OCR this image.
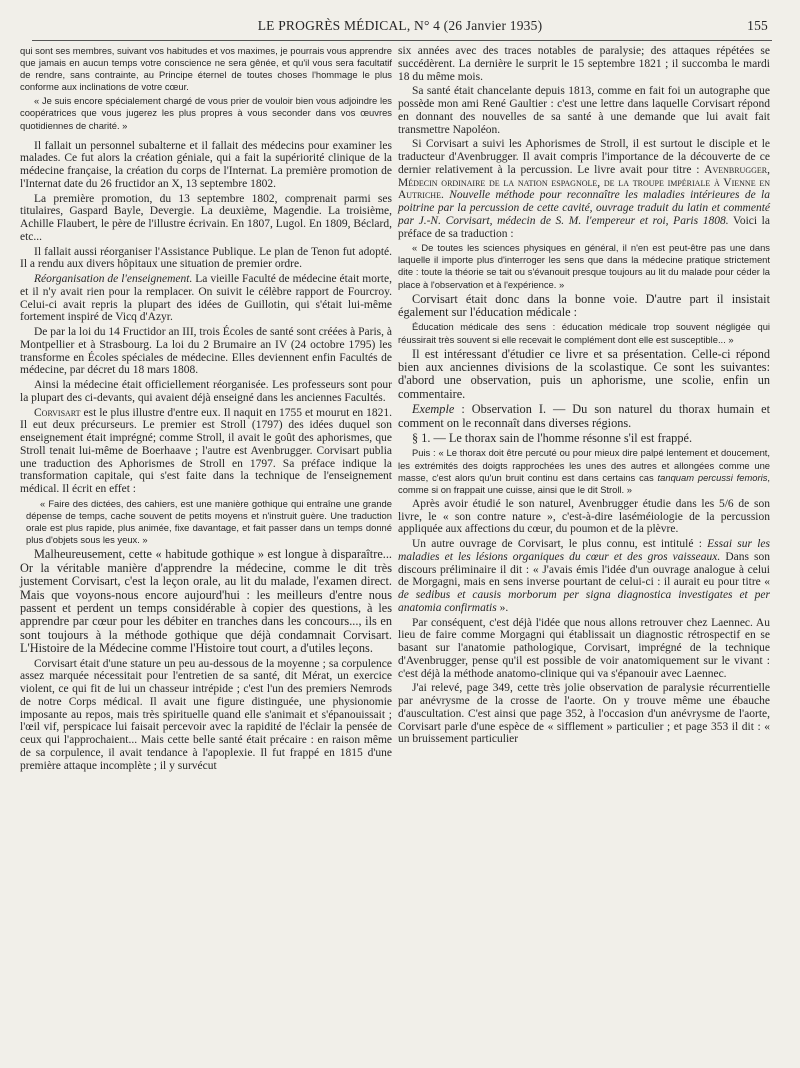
LE PROGRÈS MÉDICAL, N° 4 (26 Janvier 1935)	155

qui sont ses membres, suivant vos habitudes et vos maximes, je pourrais vous apprendre que jamais en aucun temps votre conscience ne sera gênée, et qu'il vous sera facultatif de rendre, sans contrainte, au Principe éternel de toutes choses l'hommage le plus conforme aux inclinations de votre cœur.

« Je suis encore spécialement chargé de vous prier de vouloir bien vous adjoindre les coopératrices que vous jugerez les plus propres à vous seconder dans vos œuvres quotidiennes de charité. »

Il fallait un personnel subalterne et il fallait des médecins pour examiner les malades. Ce fut alors la création géniale, qui a fait la supériorité clinique de la médecine française, la création du corps de l'Internat. La première promotion de l'Internat date du 26 fructidor an X, 13 septembre 1802.

La première promotion, du 13 septembre 1802, comprenait parmi ses titulaires, Gaspard Bayle, Devergie. La deuxième, Magendie. La troisième, Achille Flaubert, le père de l'illustre écrivain. En 1807, Lugol. En 1809, Béclard, etc...

Il fallait aussi réorganiser l'Assistance Publique. Le plan de Tenon fut adopté. Il a rendu aux divers hôpitaux une situation de premier ordre.

Réorganisation de l'enseignement. La vieille Faculté de médecine était morte, et il n'y avait rien pour la remplacer. On suivit le célèbre rapport de Fourcroy. Celui-ci avait repris la plupart des idées de Guillotin, qui s'était lui-même fortement inspiré de Vicq d'Azyr.

De par la loi du 14 Fructidor an III, trois Écoles de santé sont créées à Paris, à Montpellier et à Strasbourg. La loi du 2 Brumaire an IV (24 octobre 1795) les transforme en Écoles spéciales de médecine. Elles deviennent enfin Facultés de médecine, par décret du 18 mars 1808.

Ainsi la médecine était officiellement réorganisée. Les professeurs sont pour la plupart des ci-devants, qui avaient déjà enseigné dans les anciennes Facultés.

Corvisart est le plus illustre d'entre eux. Il naquit en 1755 et mourut en 1821. Il eut deux précurseurs. Le premier est Stroll (1797) des idées duquel son enseignement était imprégné; comme Stroll, il avait le goût des aphorismes, que Stroll tenait lui-même de Boerhaave ; l'autre est Avenbrugger. Corvisart publia une traduction des Aphorismes de Stroll en 1797. Sa préface indique la transformation capitale, qui s'est faite dans la technique de l'enseignement médical. Il écrit en effet :

« Faire des dictées, des cahiers, est une manière gothique qui entraîne une grande dépense de temps, cache souvent de petits moyens et n'instruit guère. Une traduction orale est plus rapide, plus animée, fixe davantage, et fait passer dans un temps donné plus d'objets sous les yeux. »

Malheureusement, cette « habitude gothique » est longue à disparaître... Or la véritable manière d'apprendre la médecine, comme le dit très justement Corvisart, c'est la leçon orale, au lit du malade, l'examen direct. Mais que voyons-nous encore aujourd'hui : les meilleurs d'entre nous passent et perdent un temps considérable à copier des questions, à les apprendre par cœur pour les débiter en tranches dans les concours..., ils en sont toujours à la méthode gothique que déjà condamnait Corvisart. L'Histoire de la Médecine comme l'Histoire tout court, a d'utiles leçons.

Corvisart était d'une stature un peu au-dessous de la moyenne ; sa corpulence assez marquée nécessitait pour l'entretien de sa santé, dit Mérat, un exercice violent, ce qui fit de lui un chasseur intrépide ; c'est l'un des premiers Nemrods de notre Corps médical. Il avait une figure distinguée, une physionomie imposante au repos, mais très spirituelle quand elle s'animait et s'épanouissait ; l'œil vif, perspicace lui faisait percevoir avec la rapidité de l'éclair la pensée de ceux qui l'approchaient... Mais cette belle santé était précaire : en raison même de sa corpulence, il avait tendance à l'apoplexie. Il fut frappé en 1815 d'une première attaque incomplète ; il y survécut

six années avec des traces notables de paralysie; des attaques répétées se succédèrent. La dernière le surprit le 15 septembre 1821 ; il succomba le mardi 18 du même mois.

Sa santé était chancelante depuis 1813, comme en fait foi un autographe que possède mon ami René Gaultier : c'est une lettre dans laquelle Corvisart répond en donnant des nouvelles de sa santé à une demande que lui avait fait transmettre Napoléon.

Si Corvisart a suivi les Aphorismes de Stroll, il est surtout le disciple et le traducteur d'Avenbrugger. Il avait compris l'importance de la découverte de ce dernier relativement à la percussion. Le livre avait pour titre : Avenbrugger, Médecin ordinaire de la nation espagnole, de la troupe impériale à Vienne en Autriche. Nouvelle méthode pour reconnaître les maladies intérieures de la poitrine par la percussion de cette cavité, ouvrage traduit du latin et commenté par J.-N. Corvisart, médecin de S. M. l'empereur et roi, Paris 1808. Voici la préface de sa traduction :

« De toutes les sciences physiques en général, il n'en est peut-être pas une dans laquelle il importe plus d'interroger les sens que dans la médecine pratique strictement dite : toute la théorie se tait ou s'évanouit presque toujours au lit du malade pour céder la place à l'observation et à l'expérience. »

Corvisart était donc dans la bonne voie. D'autre part il insistait également sur l'éducation médicale :

Éducation médicale des sens : éducation médicale trop souvent négligée qui réussirait très souvent si elle recevait le complément dont elle est susceptible... »

Il est intéressant d'étudier ce livre et sa présentation. Celle-ci répond bien aux anciennes divisions de la scolastique. Ce sont les suivantes: d'abord une observation, puis un aphorisme, une scolie, enfin un commentaire.

Exemple : Observation I. — Du son naturel du thorax humain et comment on le reconnaît dans diverses régions.

§ 1. — Le thorax sain de l'homme résonne s'il est frappé.

Puis : « Le thorax doit être percuté ou pour mieux dire palpé lentement et doucement, les extrémités des doigts rapprochées les unes des autres et allongées comme une masse, c'est alors qu'un bruit continu est dans certains cas tanquam percussi femoris, comme si on frappait une cuisse, ainsi que le dit Stroll. »

Après avoir étudié le son naturel, Avenbrugger étudie dans les 5/6 de son livre, le « son contre nature », c'est-à-dire laséméiologie de la percussion appliquée aux affections du cœur, du poumon et de la plèvre.

Un autre ouvrage de Corvisart, le plus connu, est intitulé : Essai sur les maladies et les lésions organiques du cœur et des gros vaisseaux. Dans son discours préliminaire il dit : « J'avais émis l'idée d'un ouvrage analogue à celui de Morgagni, mais en sens inverse pourtant de celui-ci : il aurait eu pour titre « de sedibus et causis morborum per signa diagnostica investigates et per anatomia confirmatis ».

Par conséquent, c'est déjà l'idée que nous allons retrouver chez Laennec. Au lieu de faire comme Morgagni qui établissait un diagnostic rétrospectif en se basant sur l'anatomie pathologique, Corvisart, imprégné de la technique d'Avenbrugger, pense qu'il est possible de voir anatomiquement sur le vivant : c'est déjà la méthode anatomo-clinique qui va s'épanouir avec Laennec.

J'ai relevé, page 349, cette très jolie observation de paralysie récurrentielle par anévrysme de la crosse de l'aorte. On y trouve même une ébauche d'auscultation. C'est ainsi que page 352, à l'occasion d'un anévrysme de l'aorte, Corvisart parle d'une espèce de « sifflement » particulier ; et page 353 il dit : « un bruissement particulier
